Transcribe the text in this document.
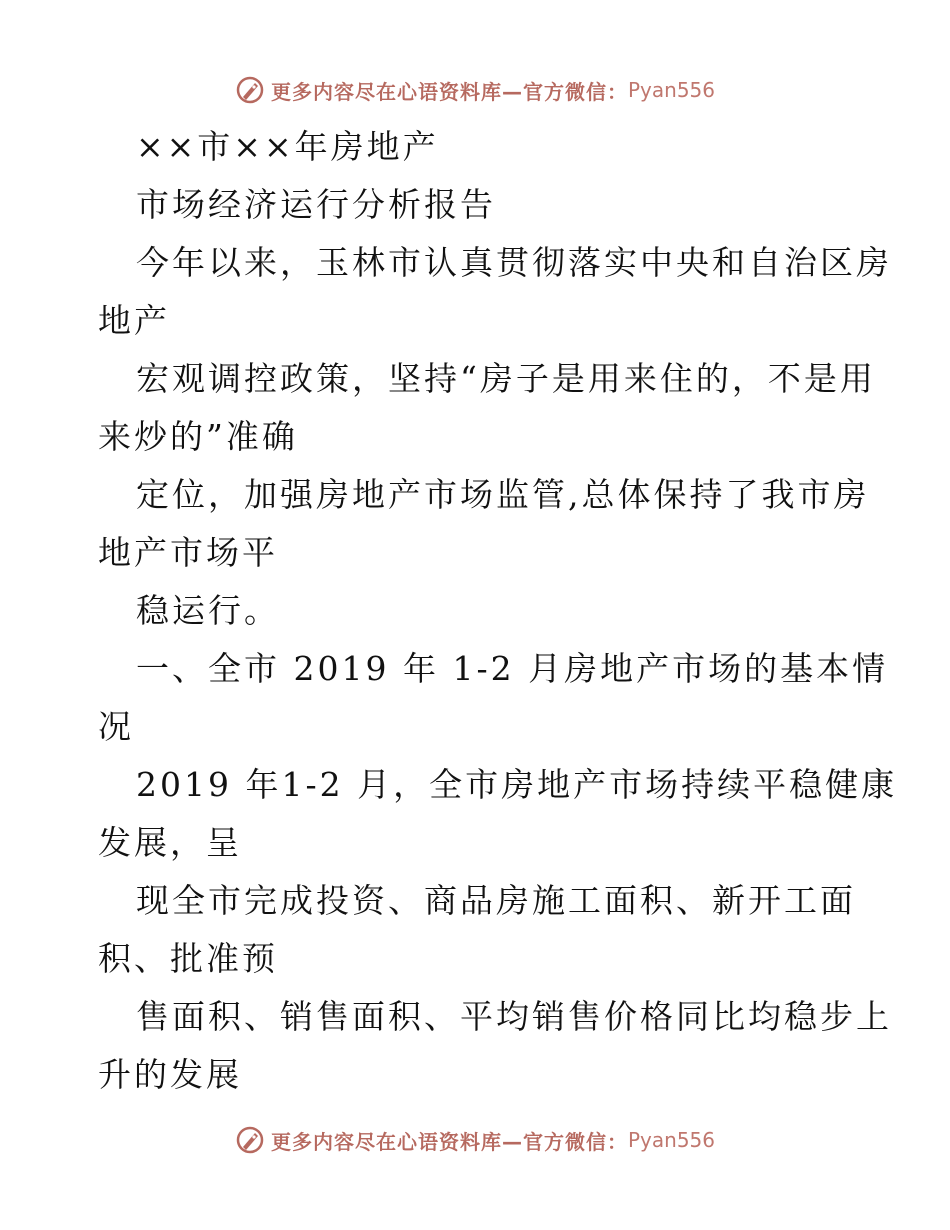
更多内容尽在心语资料库—官方微信： Pyan556
××市××年房地产
市场经济运行分析报告
今年以来，玉林市认真贯彻落实中央和自治区房
地产
宏观调控政策，坚持“房子是用来住的，不是用
来炒的”准确
定位，加强房地产市场监管,总体保持了我市房
地产市场平
稳运行。
一、全市 2019 年 1-2 月房地产市场的基本情
况
2019 年1-2 月，全市房地产市场持续平稳健康
发展，呈
现全市完成投资、商品房施工面积、新开工面
积、批准预
售面积、销售面积、平均销售价格同比均稳步上
升的发展
更多内容尽在心语资料库—官方微信： Pyan556
